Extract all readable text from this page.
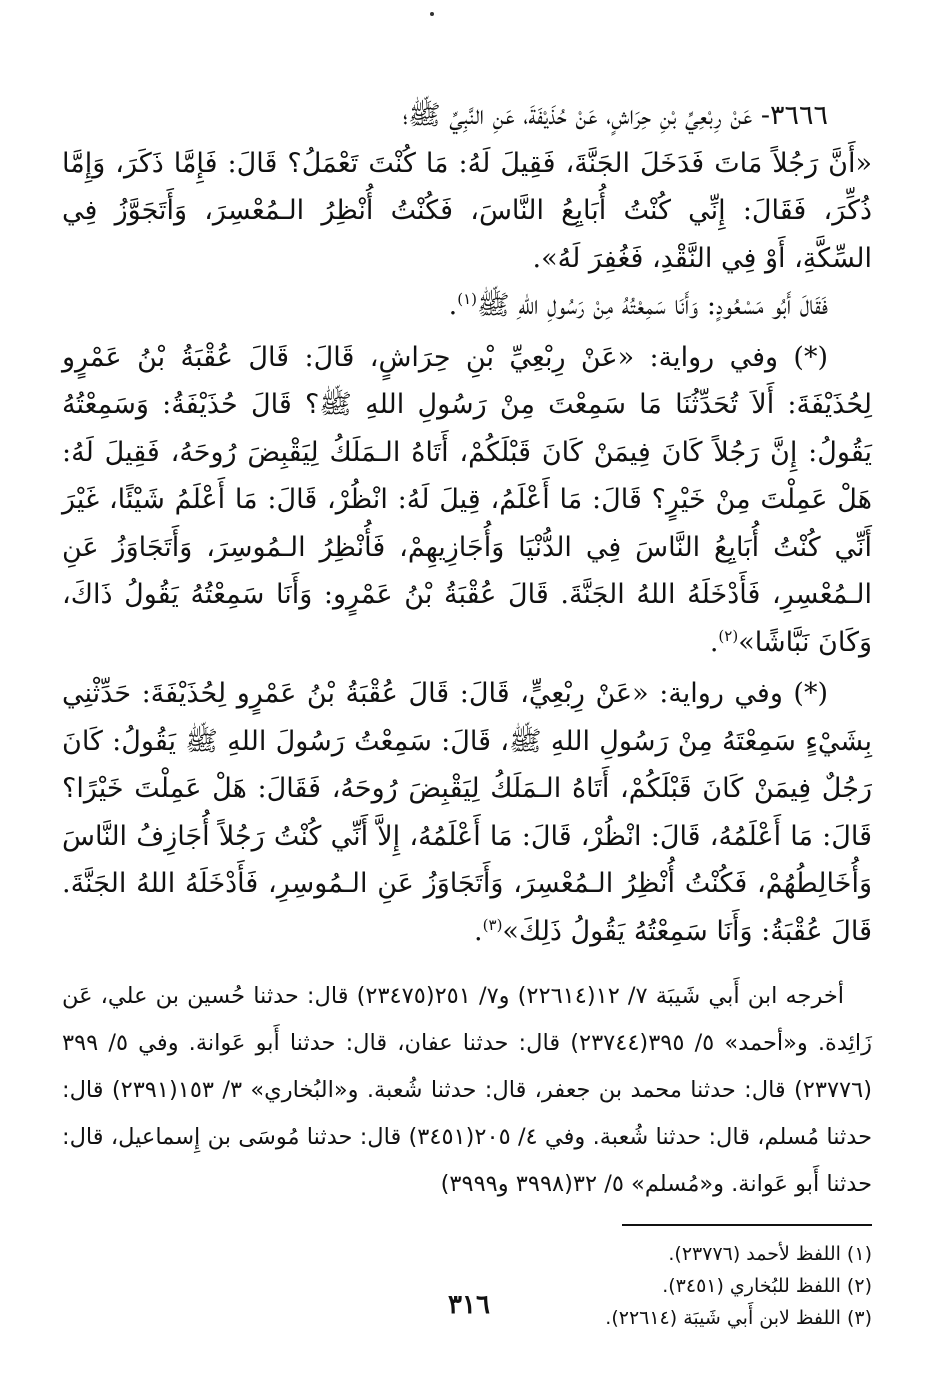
٣٦٦٦- عَنْ رِبْعِيِّ بْنِ حِرَاشٍ، عَنْ حُذَيْفَةَ، عَنِ النَّبِيِّ ﷺ؛

«أَنَّ رَجُلاً مَاتَ فَدَخَلَ الجَنَّةَ، فَقِيلَ لَهُ: مَا كُنْتَ تَعْمَلُ؟ قَالَ: فَإِمَّا ذَكَرَ، وَإِمَّا ذُكِّرَ، فَقَالَ: إِنِّي كُنْتُ أُبَايِعُ النَّاسَ، فَكُنْتُ أُنْظِرُ الـمُعْسِرَ، وَأَتَجَوَّزُ فِي السِّكَّةِ، أَوْ فِي النَّقْدِ، فَغُفِرَ لَهُ».

فَقَالَ أَبُو مَسْعُودٍ: وَأَنَا سَمِعْتُهُ مِنْ رَسُولِ اللهِ ﷺ$^{(١)}$.

(*) وفي رواية: «عَنْ رِبْعِيِّ بْنِ حِرَاشٍ، قَالَ: قَالَ عُقْبَةُ بْنُ عَمْرٍو لِحُذَيْفَةَ: أَلاَ تُحَدِّثُنَا مَا سَمِعْتَ مِنْ رَسُولِ اللهِ ﷺ؟ قَالَ حُذَيْفَةُ: وَسَمِعْتُهُ يَقُولُ: إِنَّ رَجُلاً كَانَ فِيمَنْ كَانَ قَبْلَكُمْ، أَتَاهُ الـمَلَكُ لِيَقْبِضَ رُوحَهُ، فَقِيلَ لَهُ: هَلْ عَمِلْتَ مِنْ خَيْرٍ؟ قَالَ: مَا أَعْلَمُ، قِيلَ لَهُ: انْظُرْ، قَالَ: مَا أَعْلَمُ شَيْئًا، غَيْرَ أَنِّي كُنْتُ أُبَايِعُ النَّاسَ فِي الدُّنْيَا وَأُجَازِيهِمْ، فَأُنْظِرُ الـمُوسِرَ، وَأَتَجَاوَزُ عَنِ الـمُعْسِرِ، فَأَدْخَلَهُ اللهُ الجَنَّةَ. قَالَ عُقْبَةُ بْنُ عَمْرٍو: وَأَنَا سَمِعْتُهُ يَقُولُ ذَاكَ، وَكَانَ نَبَّاشًا»$^{(٢)}$.

(*) وفي رواية: «عَنْ رِبْعِيٍّ، قَالَ: قَالَ عُقْبَةُ بْنُ عَمْرٍو لِحُذَيْفَةَ: حَدِّثْنِي بِشَيْءٍ سَمِعْتَهُ مِنْ رَسُولِ اللهِ ﷺ، قَالَ: سَمِعْتُ رَسُولَ اللهِ ﷺ يَقُولُ: كَانَ رَجُلٌ فِيمَنْ كَانَ قَبْلَكُمْ، أَتَاهُ الـمَلَكُ لِيَقْبِضَ رُوحَهُ، فَقَالَ: هَلْ عَمِلْتَ خَيْرًا؟ قَالَ: مَا أَعْلَمُهُ، قَالَ: انْظُرْ، قَالَ: مَا أَعْلَمُهُ، إِلاَّ أَنِّي كُنْتُ رَجُلاً أُجَازِفُ النَّاسَ وَأُخَالِطُهُمْ، فَكُنْتُ أُنْظِرُ الـمُعْسِرَ، وَأَتَجَاوَزُ عَنِ الـمُوسِرِ، فَأَدْخَلَهُ اللهُ الجَنَّةَ. قَالَ عُقْبَةُ: وَأَنَا سَمِعْتُهُ يَقُولُ ذَلِكَ»$^{(٣)}$.

أخرجه ابن أَبي شَيبَة ٧/ ١٢(٢٢٦١٤) و٧/ ٢٥١(٢٣٤٧٥) قال: حدثنا حُسين بن علي، عَن زَائِدة. و«أحمد» ٥/ ٣٩٥(٢٣٧٤٤) قال: حدثنا عفان، قال: حدثنا أَبو عَوانة. وفي ٥/ ٣٩٩ (٢٣٧٧٦) قال: حدثنا محمد بن جعفر، قال: حدثنا شُعبة. و«البُخاري» ٣/ ١٥٣(٢٣٩١) قال: حدثنا مُسلم، قال: حدثنا شُعبة. وفي ٤/ ٢٠٥(٣٤٥١) قال: حدثنا مُوسَى بن إِسماعيل، قال: حدثنا أَبو عَوانة. و«مُسلم» ٥/ ٣٢(٣٩٩٨ و٣٩٩٩)

(١) اللفظ لأحمد (٢٣٧٧٦).
(٢) اللفظ للبُخاري (٣٤٥١).
(٣) اللفظ لابن أَبي شَيبَة (٢٢٦١٤).
٣١٦
